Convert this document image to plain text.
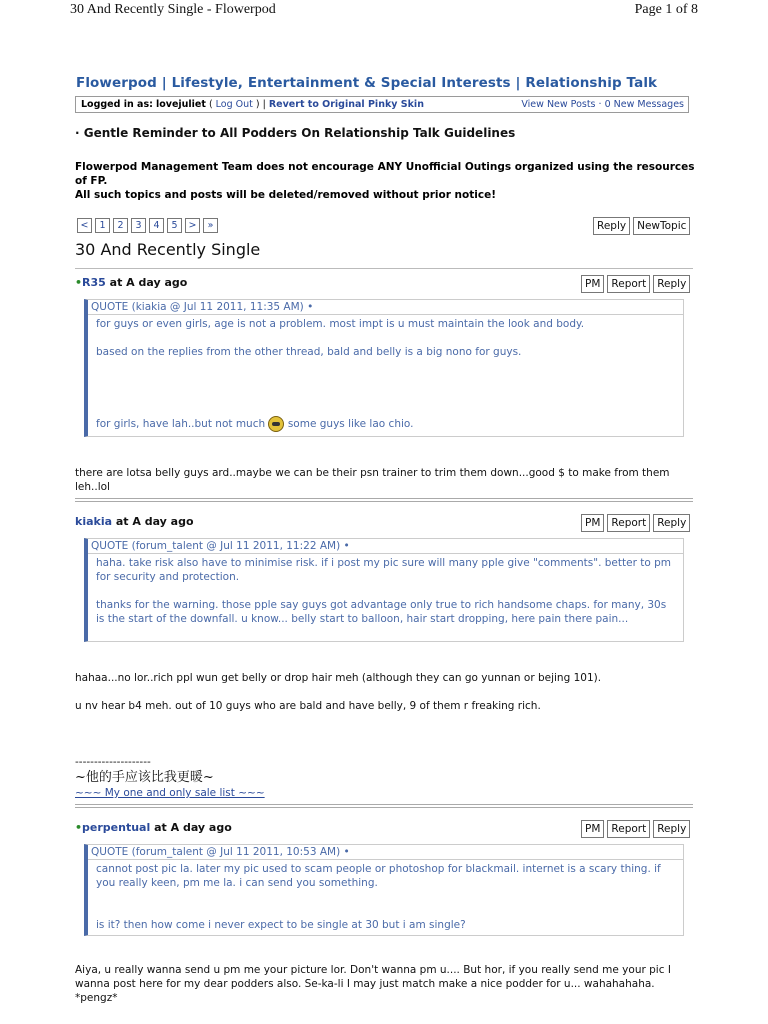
30 And Recently Single - Flowerpod	Page 1 of 8
Flowerpod | Lifestyle, Entertainment & Special Interests | Relationship Talk
Logged in as: lovejuliet ( Log Out ) | Revert to Original Pinky Skin	View New Posts · 0 New Messages
· Gentle Reminder to All Podders On Relationship Talk Guidelines
Flowerpod Management Team does not encourage ANY Unofficial Outings organized using the resources of FP.
All such topics and posts will be deleted/removed without prior notice!
<	1	2	3	4	5	>	»	Reply	NewTopic
30 And Recently Single
•R35 at A day ago	PM	Report	Reply
QUOTE (kiakia @ Jul 11 2011, 11:35 AM) •

for guys or even girls, age is not a problem. most impt is u must maintain the look and body.

based on the replies from the other thread, bald and belly is a big nono for guys.

for girls, have lah..but not much some guys like lao chio.

there are lotsa belly guys ard..maybe we can be their psn trainer to trim them down...good $ to make from them leh..lol
kiakia at A day ago	PM	Report	Reply
QUOTE (forum_talent @ Jul 11 2011, 11:22 AM) •

haha. take risk also have to minimise risk. if i post my pic sure will many pple give "comments". better to pm for security and protection.

thanks for the warning. those pple say guys got advantage only true to rich handsome chaps. for many, 30s is the start of the downfall. u know... belly start to balloon, hair start dropping, here pain there pain...

hahaa...no lor..rich ppl wun get belly or drop hair meh (although they can go yunnan or bejing 101).
u nv hear b4 meh. out of 10 guys who are bald and have belly, 9 of them r freaking rich.
--------------------
~他的手应该比我更暖~
~~~ My one and only sale list ~~~
•perpentual at A day ago	PM	Report	Reply
QUOTE (forum_talent @ Jul 11 2011, 10:53 AM) •

cannot post pic la. later my pic used to scam people or photoshop for blackmail. internet is a scary thing. if you really keen, pm me la. i can send you something.

is it? then how come i never expect to be single at 30 but i am single?

Aiya, u really wanna send u pm me your picture lor. Don't wanna pm u.... But hor, if you really send me your pic I wanna post here for my dear podders also. Se-ka-li I may just match make a nice podder for u... wahahahaha. *pengz*
